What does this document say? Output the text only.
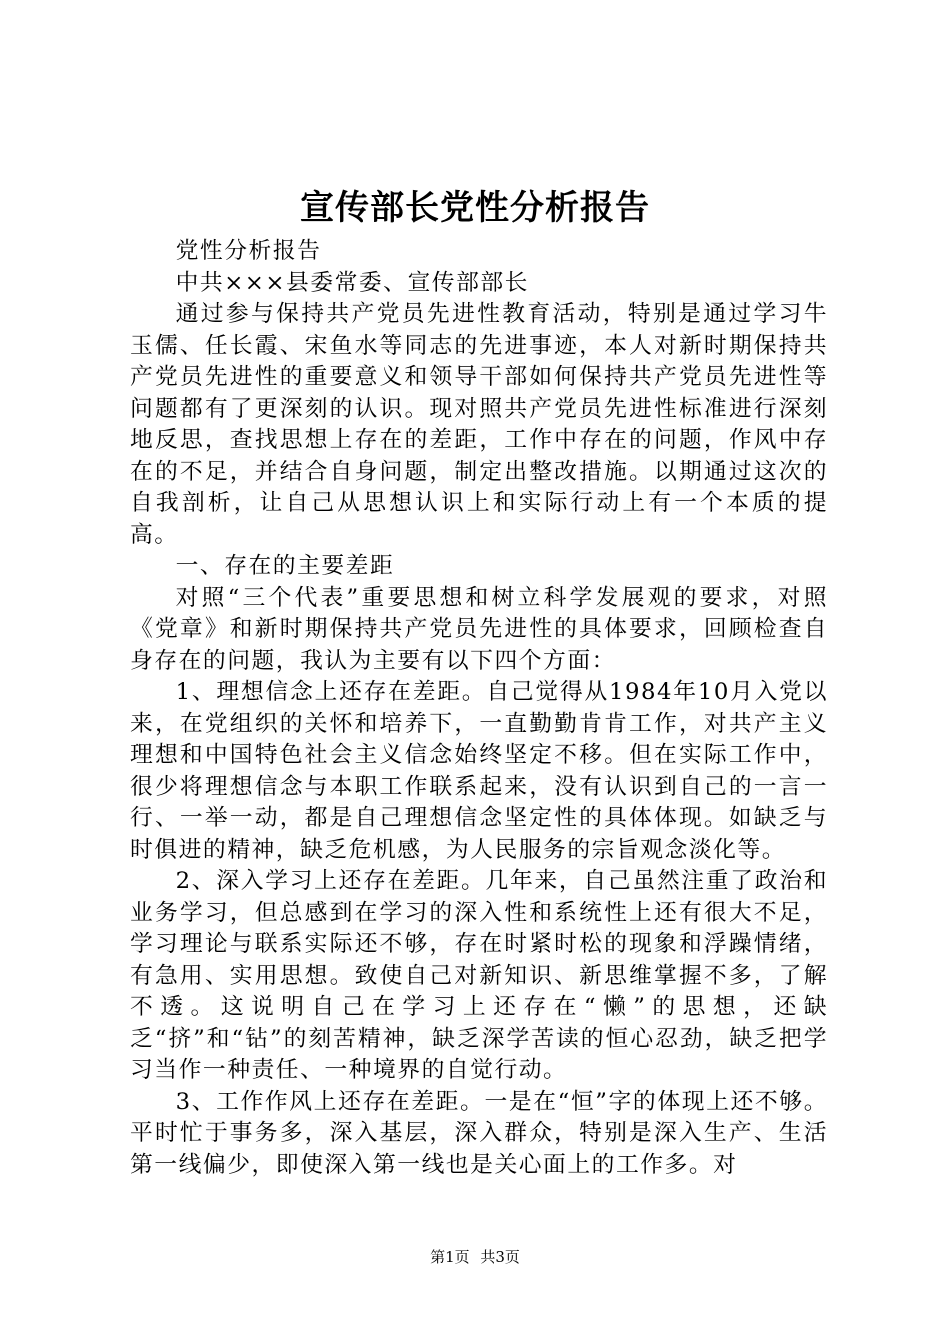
宣传部长党性分析报告

党性分析报告

中共×××县委常委、宣传部部长

通过参与保持共产党员先进性教育活动，特别是通过学习牛玉儒、任长霞、宋鱼水等同志的先进事迹，本人对新时期保持共产党员先进性的重要意义和领导干部如何保持共产党员先进性等问题都有了更深刻的认识。现对照共产党员先进性标准进行深刻地反思，查找思想上存在的差距，工作中存在的问题，作风中存在的不足，并结合自身问题，制定出整改措施。以期通过这次的自我剖析，让自己从思想认识上和实际行动上有一个本质的提高。

一、存在的主要差距

对照“三个代表”重要思想和树立科学发展观的要求，对照《党章》和新时期保持共产党员先进性的具体要求，回顾检查自身存在的问题，我认为主要有以下四个方面：

1、理想信念上还存在差距。自己觉得从1984年10月入党以来，在党组织的关怀和培养下，一直勤勤肯肯工作，对共产主义理想和中国特色社会主义信念始终坚定不移。但在实际工作中，很少将理想信念与本职工作联系起来，没有认识到自己的一言一行、一举一动，都是自己理想信念坚定性的具体体现。如缺乏与时俱进的精神，缺乏危机感，为人民服务的宗旨观念淡化等。

2、深入学习上还存在差距。几年来，自己虽然注重了政治和业务学习，但总感到在学习的深入性和系统性上还有很大不足，学习理论与联系实际还不够，存在时紧时松的现象和浮躁情绪，有急用、实用思想。致使自己对新知识、新思维掌握不多，了解不透。这说明自己在学习上还存在“懒”的思想，还缺乏“挤”和“钻”的刻苦精神，缺乏深学苦读的恒心忍劲，缺乏把学习当作一种责任、一种境界的自觉行动。

3、工作作风上还存在差距。一是在“恒”字的体现上还不够。平时忙于事务多，深入基层，深入群众，特别是深入生产、生活第一线偏少，即使深入第一线也是关心面上的工作多。对

第1页 共3页
